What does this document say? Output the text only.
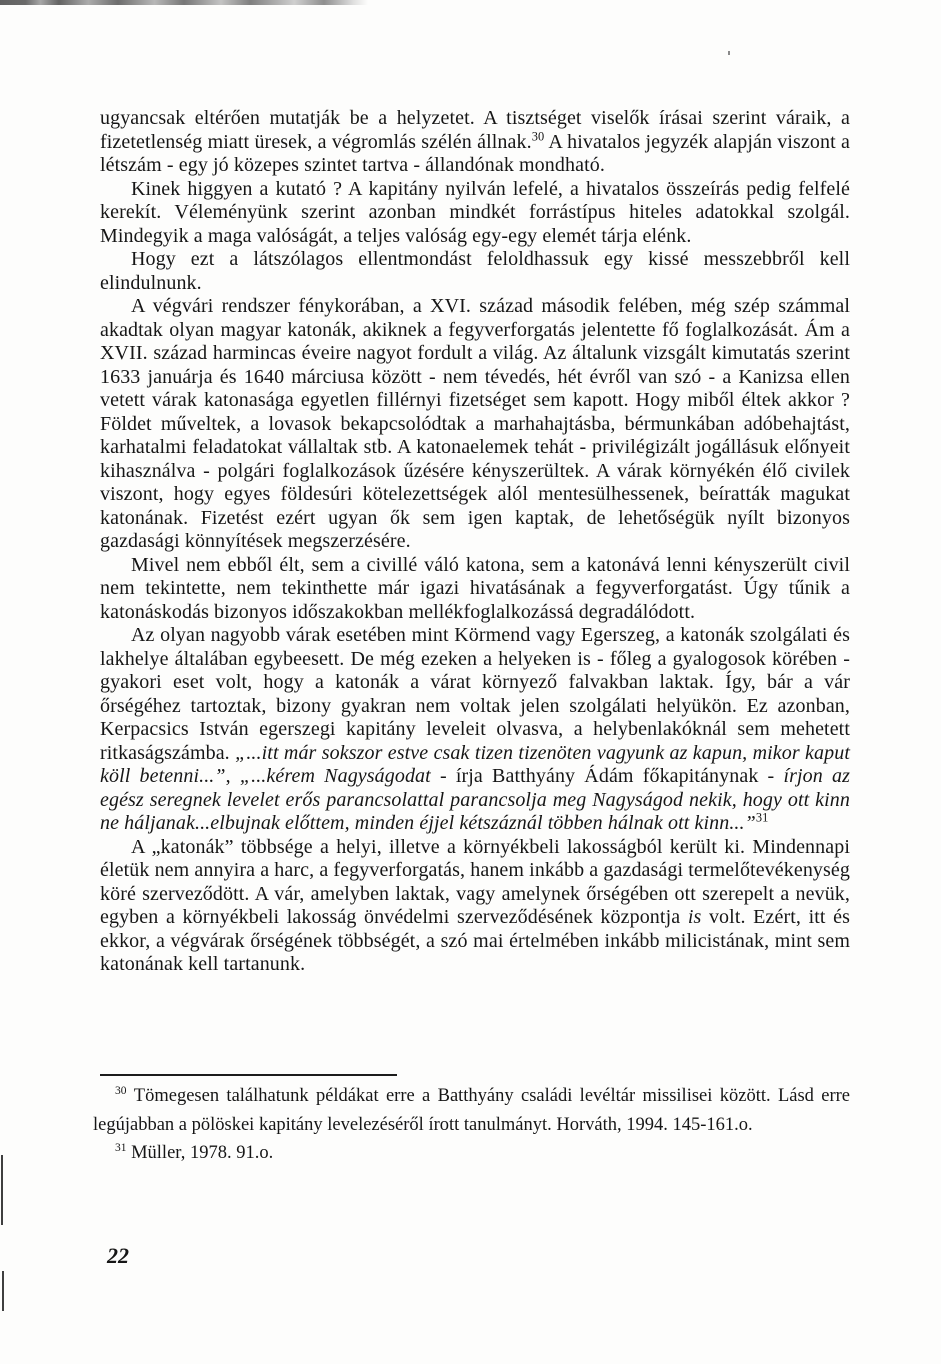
ugyancsak eltérően mutatják be a helyzetet. A tisztséget viselők írásai szerint váraik, a fizetetlenség miatt üresek, a végromlás szélén állnak.$^{30}$ A hivatalos jegyzék alapján viszont a létszám - egy jó közepes szintet tartva - állandónak mondható.

Kinek higgyen a kutató ? A kapitány nyilván lefelé, a hivatalos összeírás pedig felfelé kerekít. Véleményünk szerint azonban mindkét forrástípus hiteles adatokkal szolgál. Mindegyik a maga valóságát, a teljes valóság egy-egy elemét tárja elénk.

Hogy ezt a látszólagos ellentmondást feloldhassuk egy kissé messzebbről kell elindulnunk.

A végvári rendszer fénykorában, a XVI. század második felében, még szép számmal akadtak olyan magyar katonák, akiknek a fegyverforgatás jelentette fő foglalkozását. Ám a XVII. század harmincas éveire nagyot fordult a világ. Az általunk vizsgált kimutatás szerint 1633 januárja és 1640 márciusa között - nem tévedés, hét évről van szó - a Kanizsa ellen vetett várak katonasága egyetlen fillérnyi fizetséget sem kapott. Hogy miből éltek akkor ? Földet műveltek, a lovasok bekapcsolódtak a marhahajtásba, bérmunkában adóbehajtást, karhatalmi feladatokat vállaltak stb. A katonaelemek tehát - privilégizált jogállásuk előnyeit kihasználva - polgári foglalkozások űzésére kényszerültek. A várak környékén élő civilek viszont, hogy egyes földesúri kötelezettségek alól mentesülhessenek, beíratták magukat katonának. Fizetést ezért ugyan ők sem igen kaptak, de lehetőségük nyílt bizonyos gazdasági könnyítések megszerzésére.

Mivel nem ebből élt, sem a civillé váló katona, sem a katonává lenni kényszerült civil nem tekintette, nem tekinthette már igazi hivatásának a fegyverforgatást. Úgy tűnik a katonáskodás bizonyos időszakokban mellékfoglalkozássá degradálódott.

Az olyan nagyobb várak esetében mint Körmend vagy Egerszeg, a katonák szolgálati és lakhelye általában egybeesett. De még ezeken a helyeken is - főleg a gyalogosok körében - gyakori eset volt, hogy a katonák a várat környező falvakban laktak. Így, bár a vár őrségéhez tartoztak, bizony gyakran nem voltak jelen szolgálati helyükön. Ez azonban, Kerpacsics István egerszegi kapitány leveleit olvasva, a helybenlakóknál sem mehetett ritkaságszámba. „...itt már sokszor estve csak tizen tizenöten vagyunk az kapun, mikor kaput köll betenni...”, „...kérem Nagyságodat - írja Batthyány Ádám főkapitánynak - írjon az egész seregnek levelet erős parancsolattal parancsolja meg Nagyságod nekik, hogy ott kinn ne háljanak...elbujnak előttem, minden éjjel kétszáznál többen hálnak ott kinn...”$^{31}$

A „katonák” többsége a helyi, illetve a környékbeli lakosságból került ki. Mindennapi életük nem annyira a harc, a fegyverforgatás, hanem inkább a gazdasági termelőtevékenység köré szerveződött. A vár, amelyben laktak, vagy amelynek őrségében ott szerepelt a nevük, egyben a környékbeli lakosság önvédelmi szerveződésének központja is volt. Ezért, itt és ekkor, a végvárak őrségének többségét, a szó mai értelmében inkább milicistának, mint sem katonának kell tartanunk.

$^{30}$ Tömegesen találhatunk példákat erre a Batthyány családi levéltár missilisei között. Lásd erre legújabban a pölöskei kapitány levelezéséről írott tanulmányt. Horváth, 1994. 145-161.o.

$^{31}$ Müller, 1978. 91.o.

22
